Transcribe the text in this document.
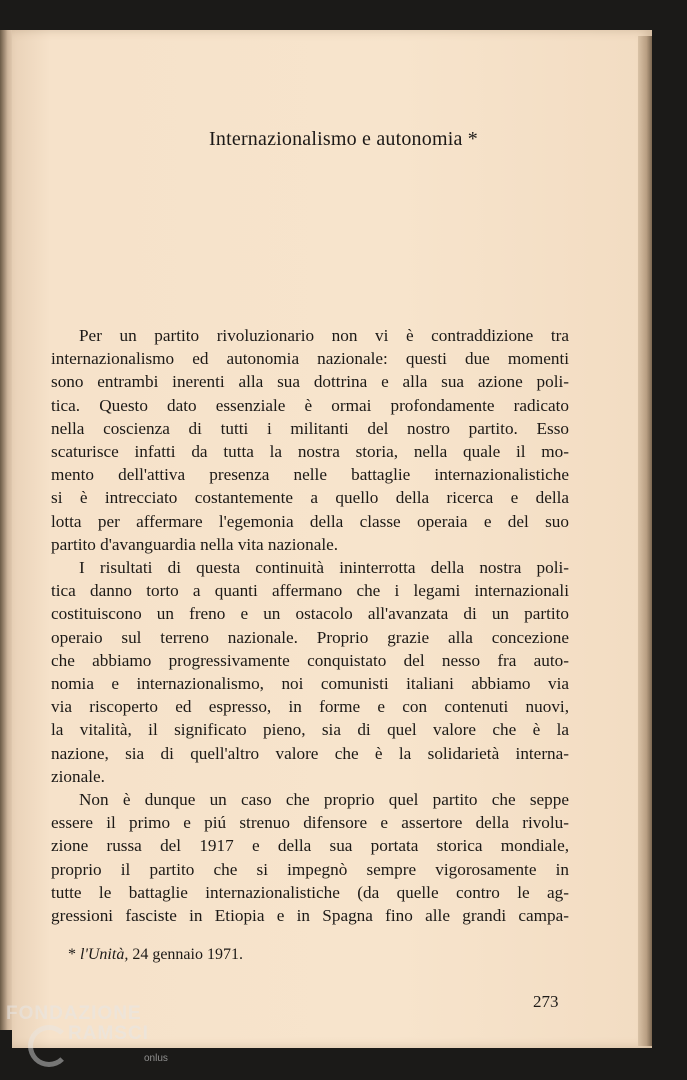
Internazionalismo e autonomia *

Per un partito rivoluzionario non vi è contraddizione tra
internazionalismo ed autonomia nazionale: questi due momenti
sono entrambi inerenti alla sua dottrina e alla sua azione poli-
tica. Questo dato essenziale è ormai profondamente radicato
nella coscienza di tutti i militanti del nostro partito. Esso
scaturisce infatti da tutta la nostra storia, nella quale il mo-
mento dell'attiva presenza nelle battaglie internazionalistiche
si è intrecciato costantemente a quello della ricerca e della
lotta per affermare l'egemonia della classe operaia e del suo
partito d'avanguardia nella vita nazionale.

I risultati di questa continuità ininterrotta della nostra poli-
tica danno torto a quanti affermano che i legami internazionali
costituiscono un freno e un ostacolo all'avanzata di un partito
operaio sul terreno nazionale. Proprio grazie alla concezione
che abbiamo progressivamente conquistato del nesso fra auto-
nomia e internazionalismo, noi comunisti italiani abbiamo via
via riscoperto ed espresso, in forme e con contenuti nuovi,
la vitalità, il significato pieno, sia di quel valore che è la
nazione, sia di quell'altro valore che è la solidarietà interna-
zionale.

Non è dunque un caso che proprio quel partito che seppe
essere il primo e piú strenuo difensore e assertore della rivolu-
zione russa del 1917 e della sua portata storica mondiale,
proprio il partito che si impegnò sempre vigorosamente in
tutte le battaglie internazionalistiche (da quelle contro le ag-
gressioni fasciste in Etiopia e in Spagna fino alle grandi campa-

* l'Unità, 24 gennaio 1971.
273
FONDAZIONE
RAMSCI
onlus
